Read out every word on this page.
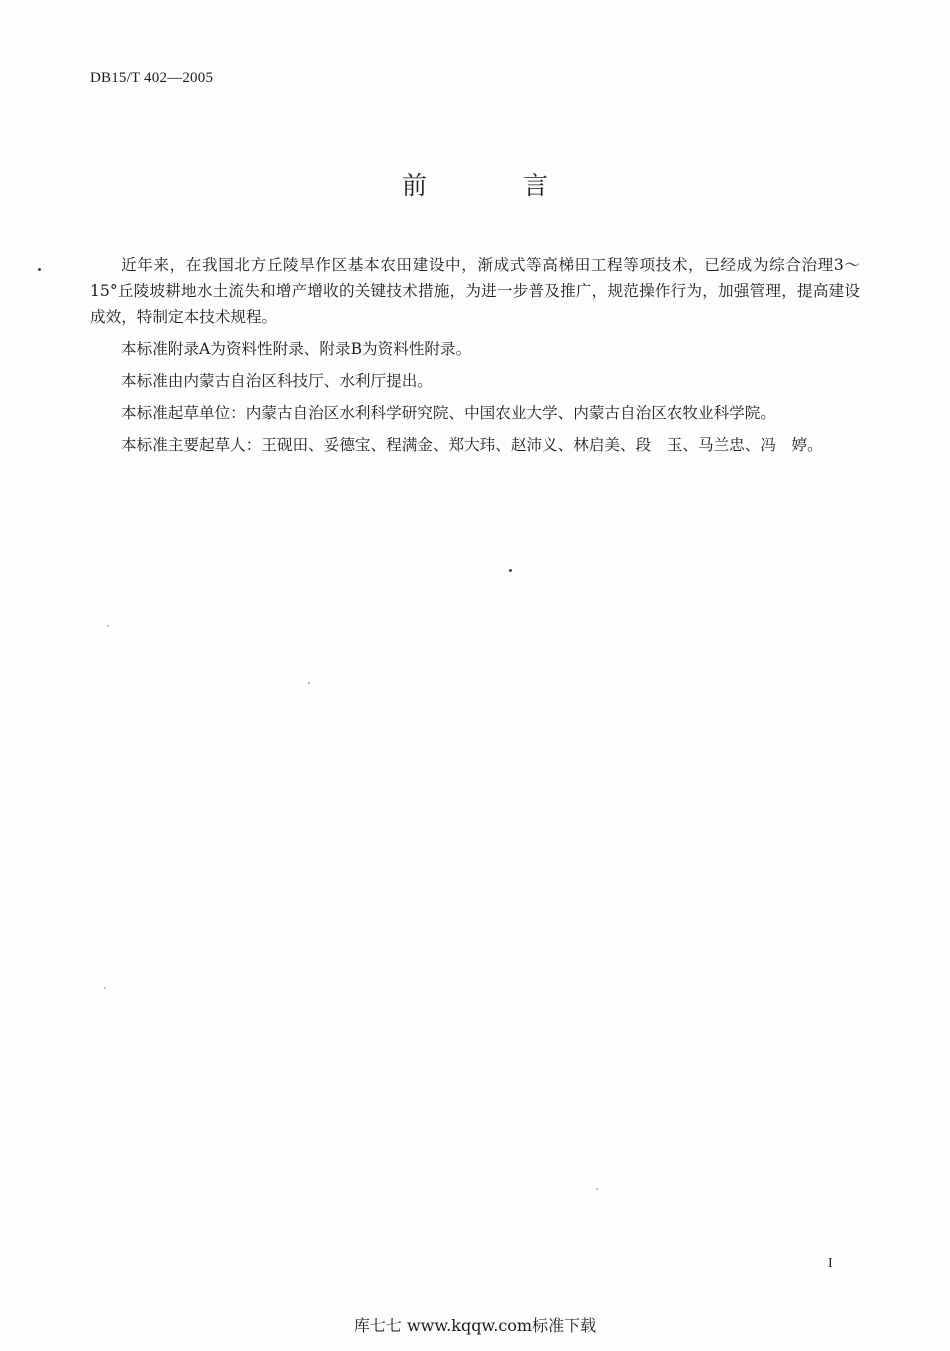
DB15/T 402—2005
前 言

近年来，在我国北方丘陵旱作区基本农田建设中，渐成式等高梯田工程等项技术，已经成为综合治理3～15°丘陵坡耕地水土流失和增产增收的关键技术措施，为进一步普及推广，规范操作行为，加强管理，提高建设成效，特制定本技术规程。

本标准附录A为资料性附录、附录B为资料性附录。

本标准由内蒙古自治区科技厅、水利厅提出。

本标准起草单位：内蒙古自治区水利科学研究院、中国农业大学、内蒙古自治区农牧业科学院。

本标准主要起草人：王砚田、妥德宝、程满金、郑大玮、赵沛义、林启美、段　玉、马兰忠、冯　婷。

I
库七七 www.kqqw.com标准下载
